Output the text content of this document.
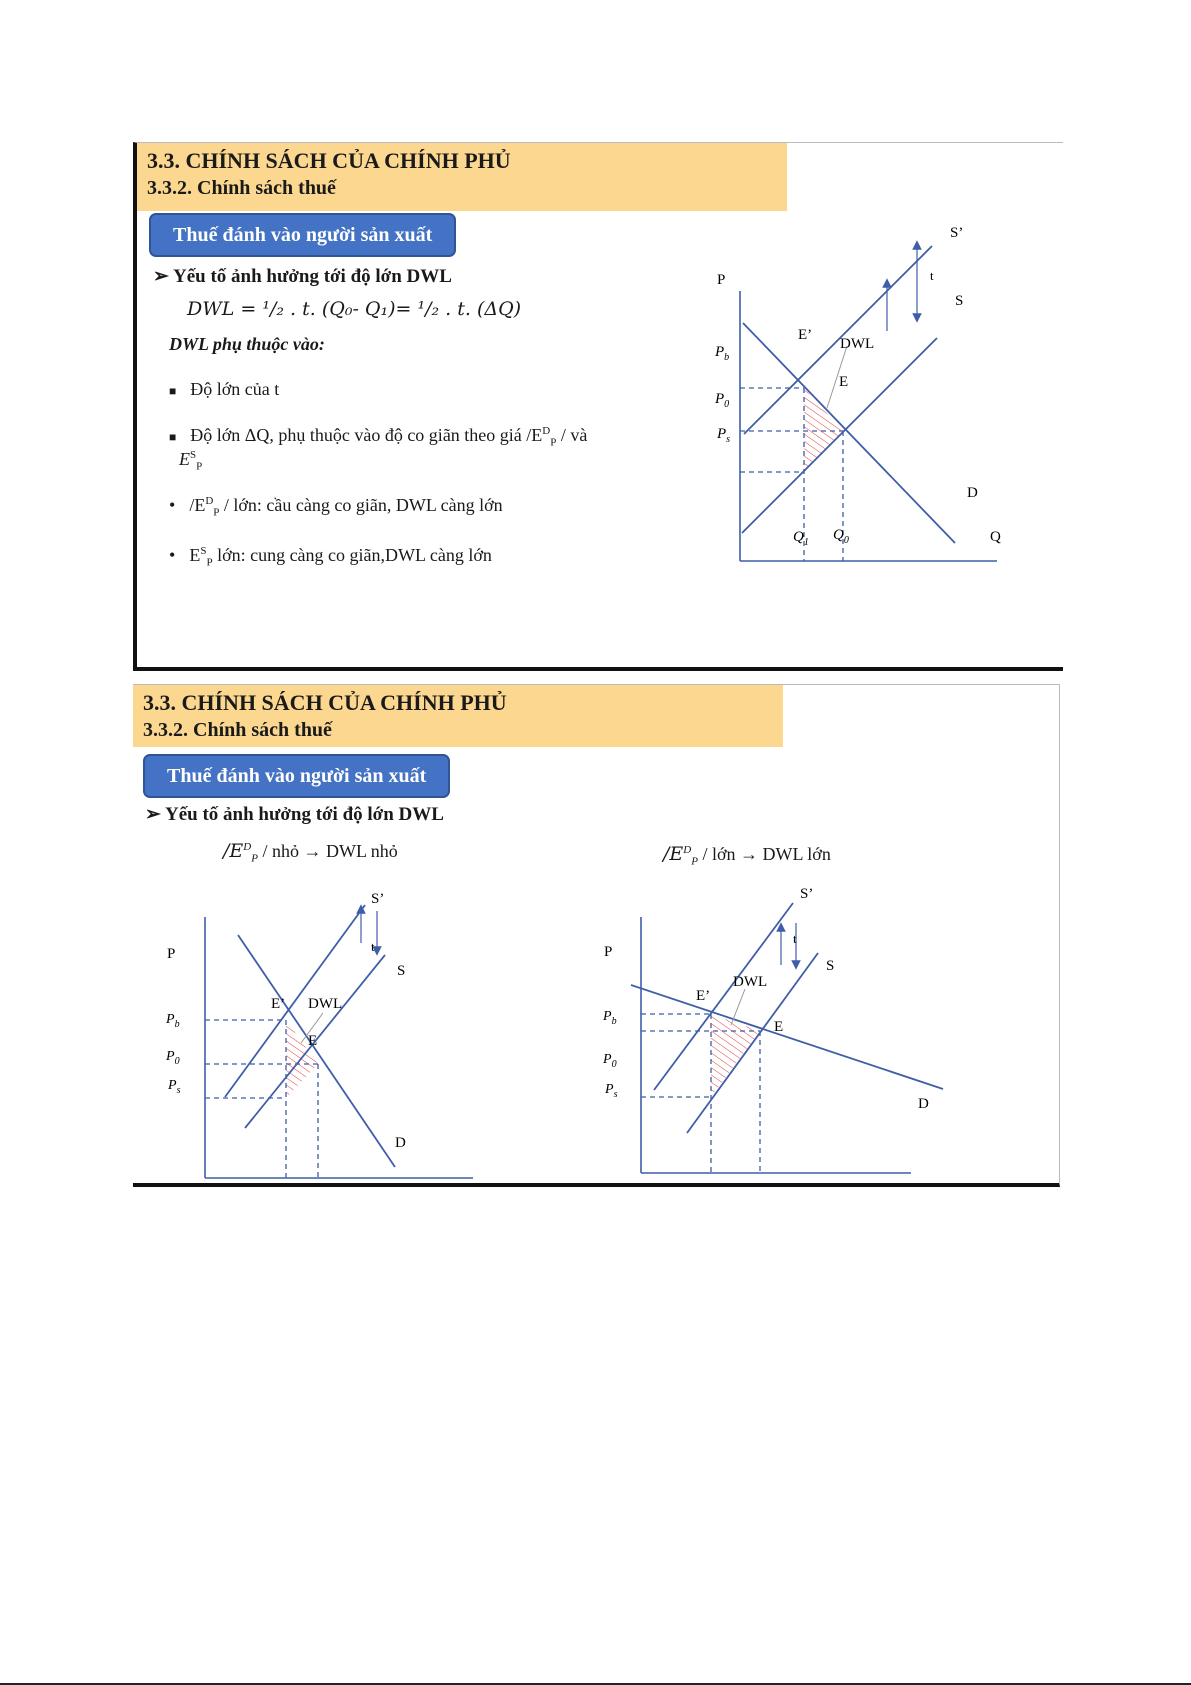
3.3. CHÍNH SÁCH CỦA CHÍNH PHỦ
3.3.2. Chính sách thuế
Thuế đánh vào người sản xuất
➢ Yếu tố ảnh hưởng tới độ lớn DWL
DWL = ¹/₂ . t. (Q₀- Q₁)= ¹/₂ . t. (ΔQ)
DWL phụ thuộc vào:
■ Độ lớn của t
■ Độ lớn ΔQ, phụ thuộc vào độ co giãn theo giá $/E^D_P$ / và
$E^S_P$
• $/E^D_P$ / lớn: cầu càng co giãn, DWL càng lớn
• $E^S_P$ lớn: cung càng co giãn,DWL càng lớn
P
Q
S’
S
D
t
E’
E
DWL
$P_b$
$P_0$
$P_s$
$Q_1$ $Q_0$
3.3. CHÍNH SÁCH CỦA CHÍNH PHỦ
3.3.2. Chính sách thuế
Thuế đánh vào người sản xuất
➢ Yếu tố ảnh hưởng tới độ lớn DWL
$/E^D_P$ / nhỏ → DWL nhỏ	$/E^D_P$ / lớn → DWL lớn
P
S’
S
D
t
E’
E
DWL
$P_b$
$P_0$
$P_s$
P
S’
S
D
t
E’
E
DWL
$P_b$
$P_0$
$P_s$
